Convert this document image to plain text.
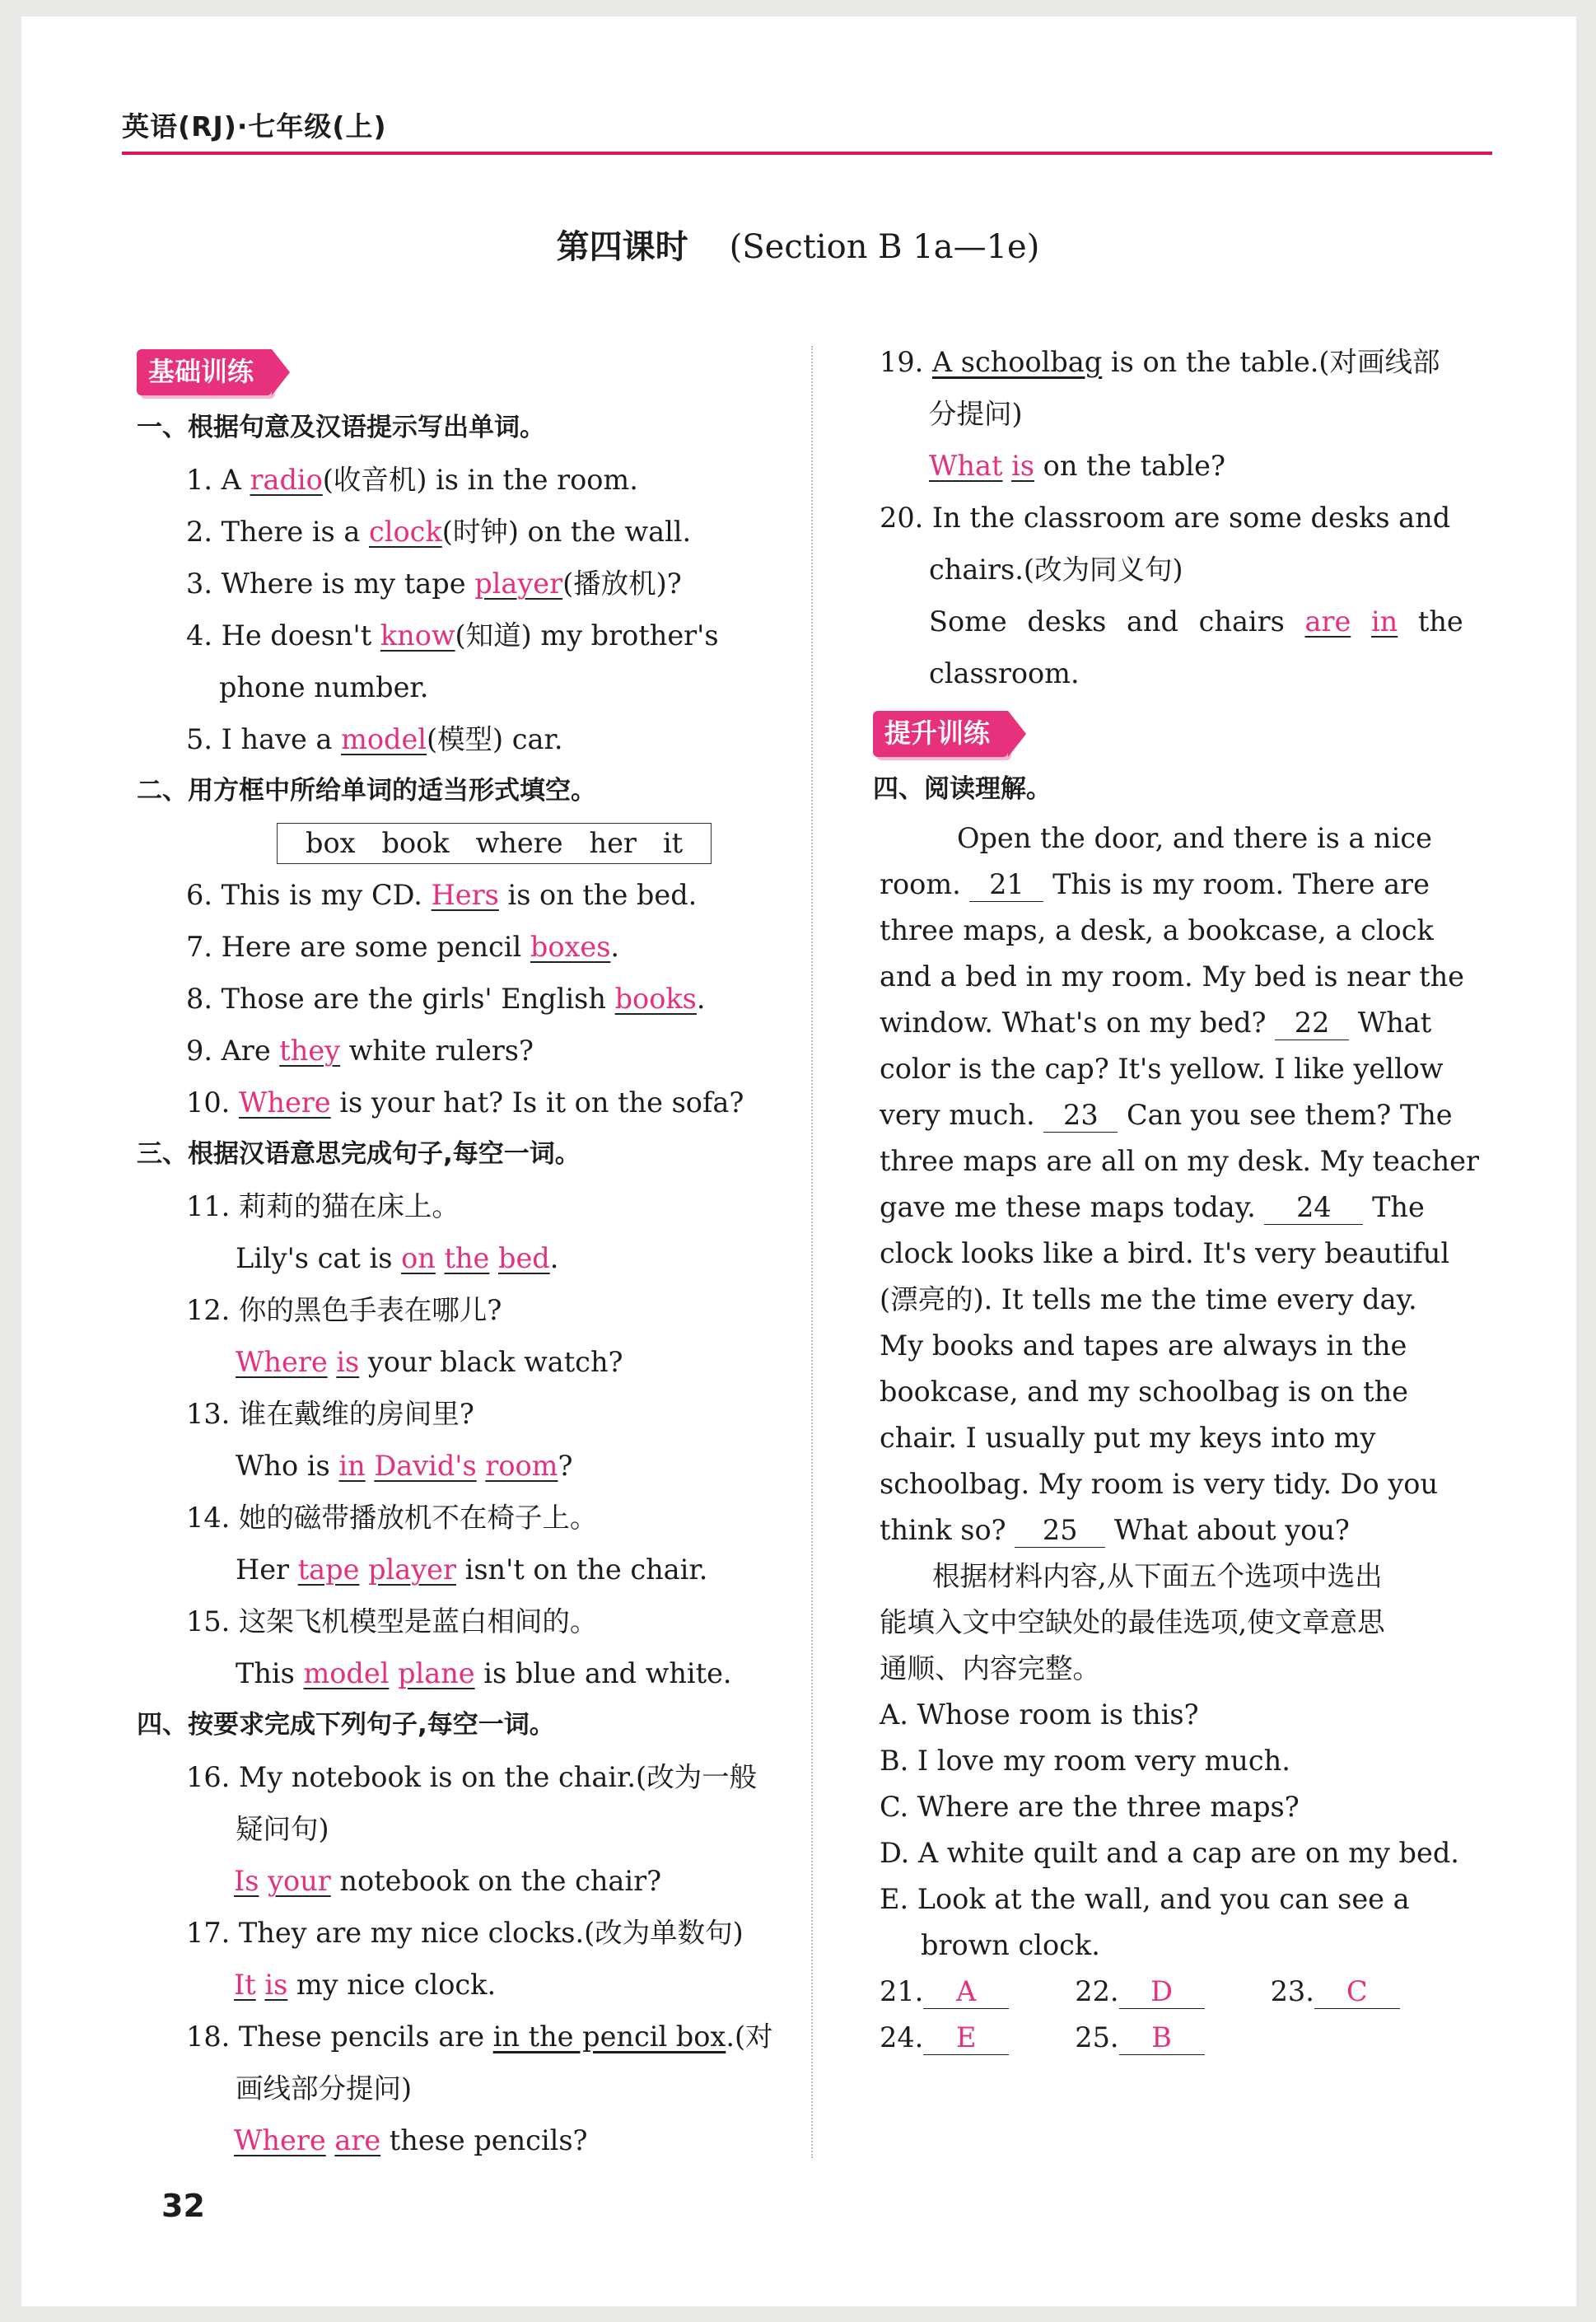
英语(RJ)·七年级(上)
第四课时 (Section B 1a—1e)
基础训练
一、根据句意及汉语提示写出单词。
1. A radio(收音机) is in the room.
2. There is a clock(时钟) on the wall.
3. Where is my tape player(播放机)?
4. He doesn't know(知道) my brother's
phone number.
5. I have a model(模型) car.
二、用方框中所给单词的适当形式填空。
box book where her it
6. This is my CD. Hers is on the bed.
7. Here are some pencil boxes.
8. Those are the girls' English books.
9. Are they white rulers?
10. Where is your hat? Is it on the sofa?
三、根据汉语意思完成句子,每空一词。
11. 莉莉的猫在床上。
Lily's cat is on the bed.
12. 你的黑色手表在哪儿?
Where is your black watch?
13. 谁在戴维的房间里?
Who is in David's room?
14. 她的磁带播放机不在椅子上。
Her tape player isn't on the chair.
15. 这架飞机模型是蓝白相间的。
This model plane is blue and white.
四、按要求完成下列句子,每空一词。
16. My notebook is on the chair.(改为一般
疑问句)
Is your notebook on the chair?
17. They are my nice clocks.(改为单数句)
It is my nice clock.
18. These pencils are in the pencil box.(对
画线部分提问)
Where are these pencils?
19. A schoolbag is on the table.(对画线部
分提问)
What is on the table?
20. In the classroom are some desks and
chairs.(改为同义句)
Some desks and chairs are in the
classroom.
提升训练
四、阅读理解。
Open the door, and there is a nice
room. 21 This is my room. There are
three maps, a desk, a bookcase, a clock
and a bed in my room. My bed is near the
window. What's on my bed? 22 What
color is the cap? It's yellow. I like yellow
very much. 23 Can you see them? The
three maps are all on my desk. My teacher
gave me these maps today. 24 The
clock looks like a bird. It's very beautiful
(漂亮的). It tells me the time every day.
My books and tapes are always in the
bookcase, and my schoolbag is on the
chair. I usually put my keys into my
schoolbag. My room is very tidy. Do you
think so? 25 What about you?
根据材料内容,从下面五个选项中选出
能填入文中空缺处的最佳选项,使文章意思
通顺、内容完整。
A. Whose room is this?
B. I love my room very much.
C. Where are the three maps?
D. A white quilt and a cap are on my bed.
E. Look at the wall, and you can see a
brown clock.
21. A	22. D	23. C
24. E	25. B
32
